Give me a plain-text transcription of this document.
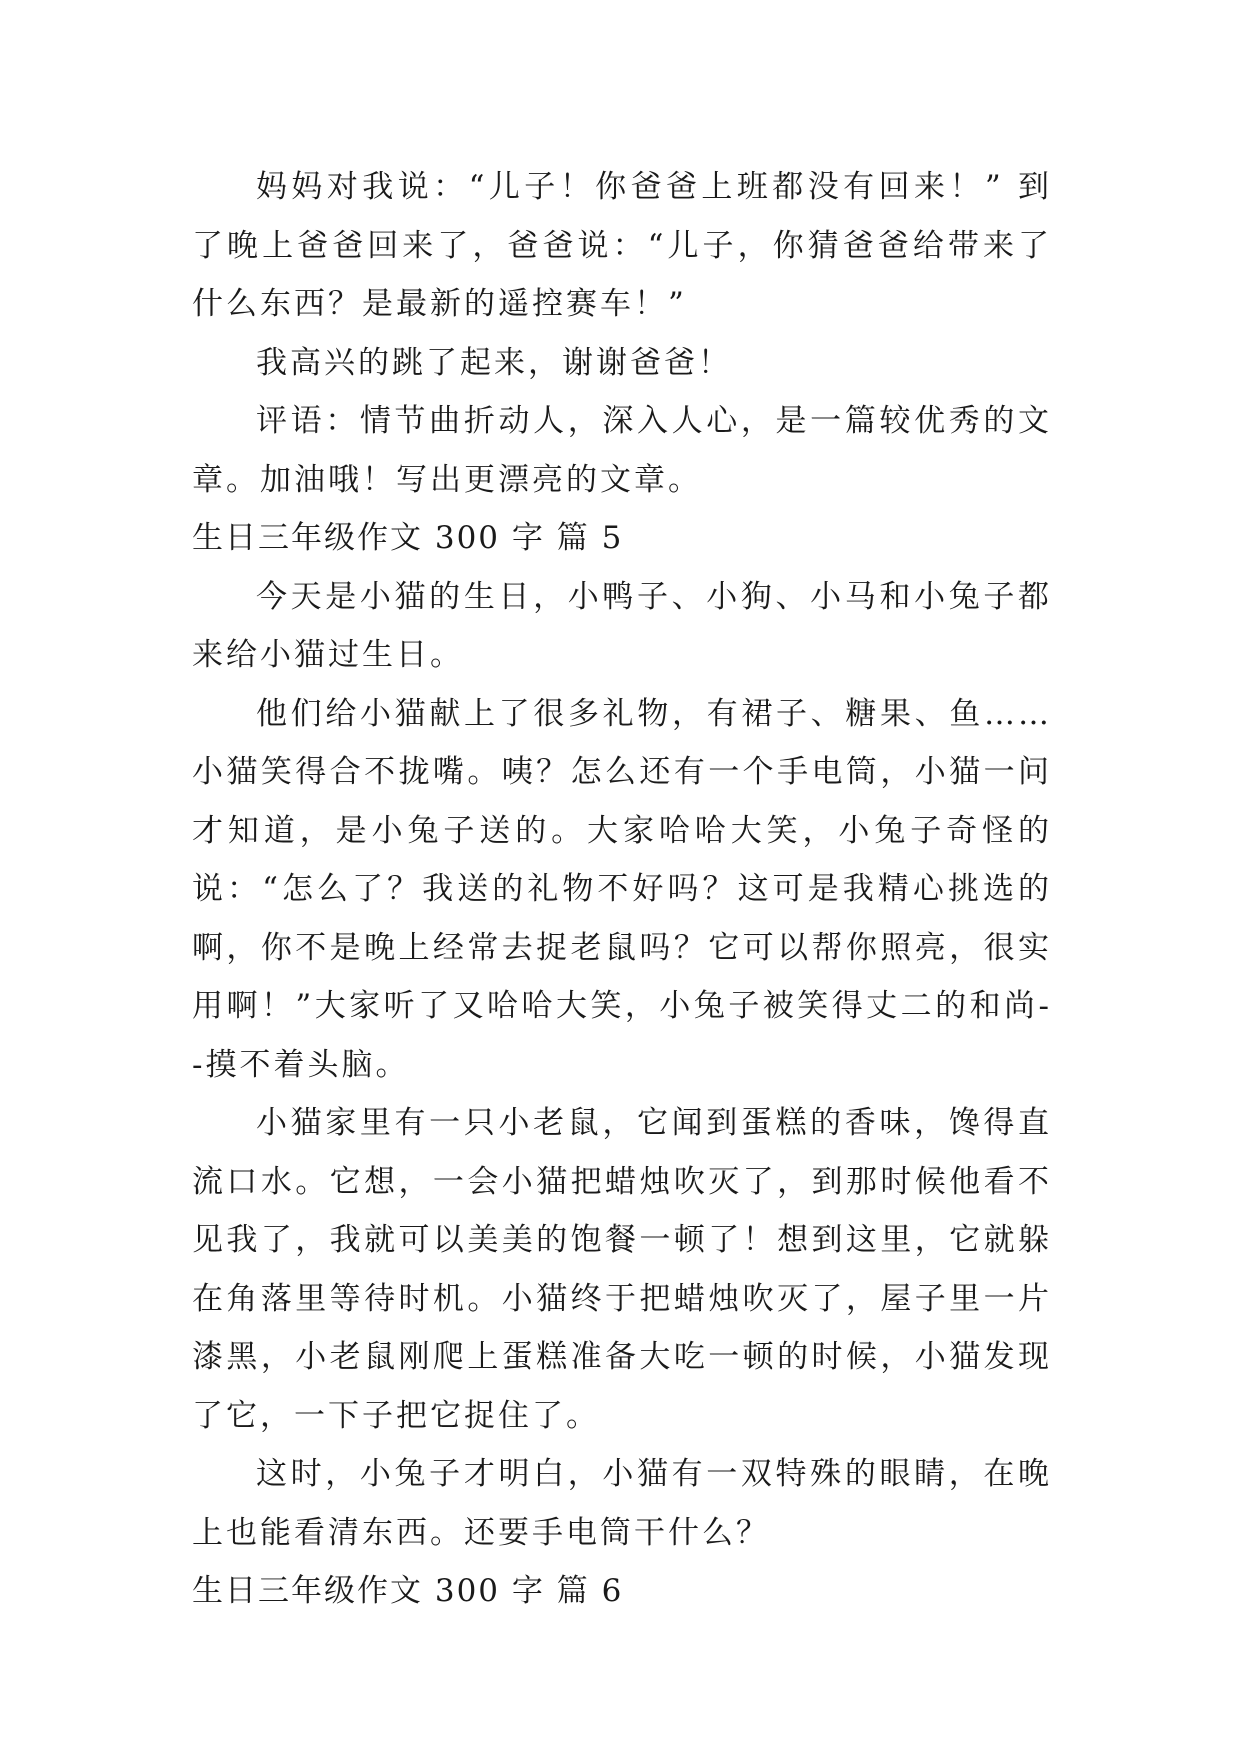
妈妈对我说：“儿子！你爸爸上班都没有回来！” 到了晚上爸爸回来了，爸爸说：“儿子，你猜爸爸给带来了什么东西？是最新的遥控赛车！”

我高兴的跳了起来，谢谢爸爸！

评语：情节曲折动人，深入人心，是一篇较优秀的文章。加油哦！写出更漂亮的文章。

生日三年级作文 300 字 篇 5

今天是小猫的生日，小鸭子、小狗、小马和小兔子都来给小猫过生日。

他们给小猫献上了很多礼物，有裙子、糖果、鱼……小猫笑得合不拢嘴。咦？怎么还有一个手电筒，小猫一问才知道，是小兔子送的。大家哈哈大笑，小兔子奇怪的说：“怎么了？我送的礼物不好吗？这可是我精心挑选的啊，你不是晚上经常去捉老鼠吗？它可以帮你照亮，很实用啊！”大家听了又哈哈大笑，小兔子被笑得丈二的和尚--摸不着头脑。

小猫家里有一只小老鼠，它闻到蛋糕的香味，馋得直流口水。它想，一会小猫把蜡烛吹灭了，到那时候他看不见我了，我就可以美美的饱餐一顿了！想到这里，它就躲在角落里等待时机。小猫终于把蜡烛吹灭了，屋子里一片漆黑，小老鼠刚爬上蛋糕准备大吃一顿的时候，小猫发现了它，一下子把它捉住了。

这时，小兔子才明白，小猫有一双特殊的眼睛，在晚上也能看清东西。还要手电筒干什么？

生日三年级作文 300 字 篇 6
